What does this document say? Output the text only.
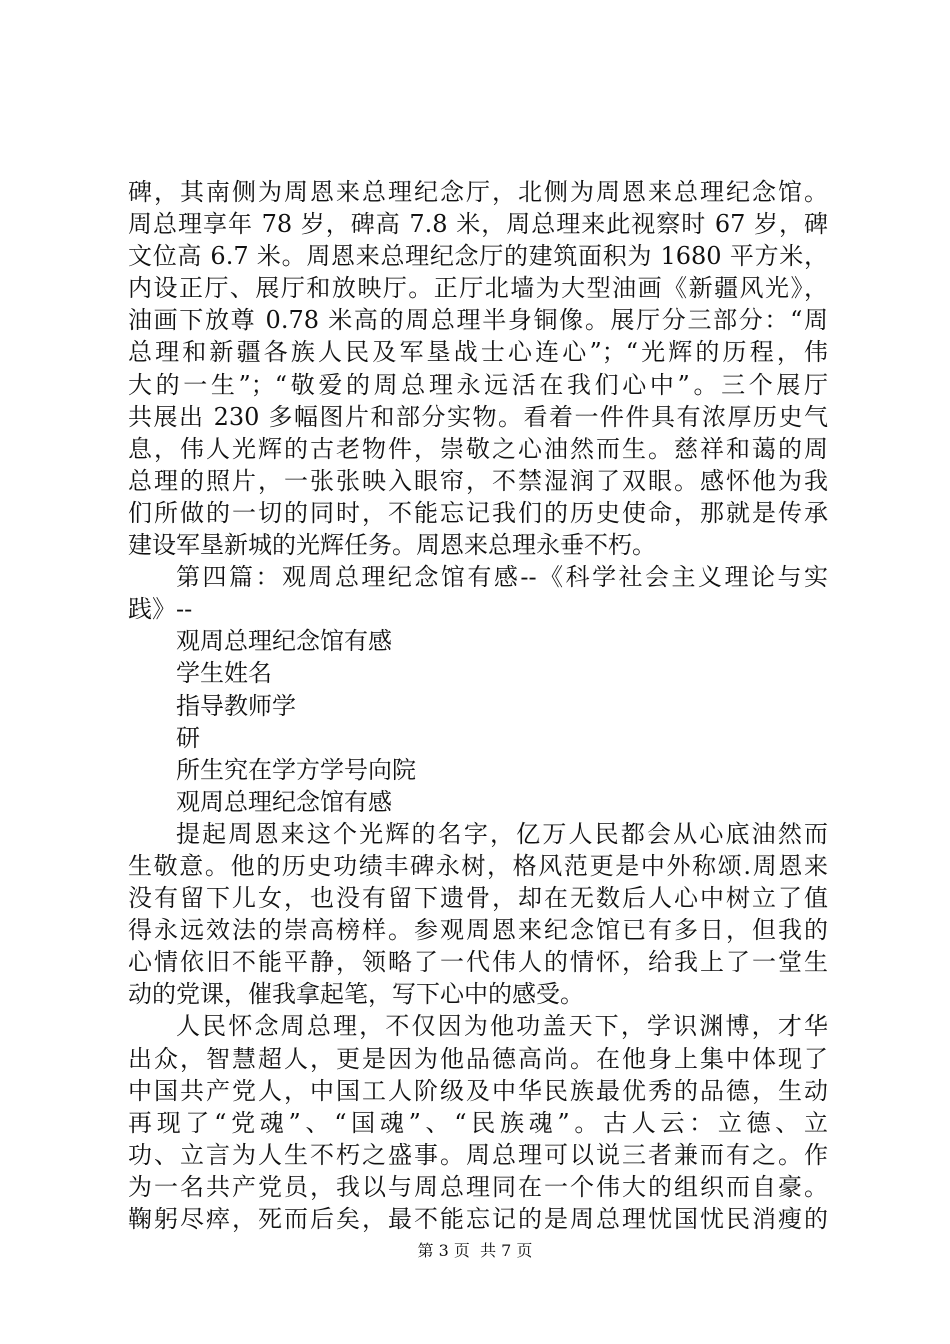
碑，其南侧为周恩来总理纪念厅，北侧为周恩来总理纪念馆。
周总理享年 78 岁，碑高 7.8 米，周总理来此视察时 67 岁，碑
文位高 6.7 米。周恩来总理纪念厅的建筑面积为 1680 平方米，
内设正厅、展厅和放映厅。正厅北墙为大型油画《新疆风光》，
油画下放尊 0.78 米高的周总理半身铜像。展厅分三部分：“周
总理和新疆各族人民及军垦战士心连心”；“光辉的历程，伟
大的一生”；“敬爱的周总理永远活在我们心中”。三个展厅
共展出 230 多幅图片和部分实物。看着一件件具有浓厚历史气
息，伟人光辉的古老物件，崇敬之心油然而生。慈祥和蔼的周
总理的照片，一张张映入眼帘，不禁湿润了双眼。感怀他为我
们所做的一切的同时，不能忘记我们的历史使命，那就是传承
建设军垦新城的光辉任务。周恩来总理永垂不朽。
第四篇：观周总理纪念馆有感--《科学社会主义理论与实
践》--
观周总理纪念馆有感
学生姓名
指导教师学
研
所生究在学方学号向院
观周总理纪念馆有感
提起周恩来这个光辉的名字，亿万人民都会从心底油然而
生敬意。他的历史功绩丰碑永树，格风范更是中外称颂.周恩来
没有留下儿女，也没有留下遗骨，却在无数后人心中树立了值
得永远效法的崇高榜样。参观周恩来纪念馆已有多日，但我的
心情依旧不能平静，领略了一代伟人的情怀，给我上了一堂生
动的党课，催我拿起笔，写下心中的感受。
人民怀念周总理，不仅因为他功盖天下，学识渊博，才华
出众，智慧超人，更是因为他品德高尚。在他身上集中体现了
中国共产党人，中国工人阶级及中华民族最优秀的品德，生动
再现了“党魂”、“国魂”、“民族魂”。古人云：立德、立
功、立言为人生不朽之盛事。周总理可以说三者兼而有之。作
为一名共产党员，我以与周总理同在一个伟大的组织而自豪。
鞠躬尽瘁，死而后矣，最不能忘记的是周总理忧国忧民消瘦的
第 3 页  共 7 页
